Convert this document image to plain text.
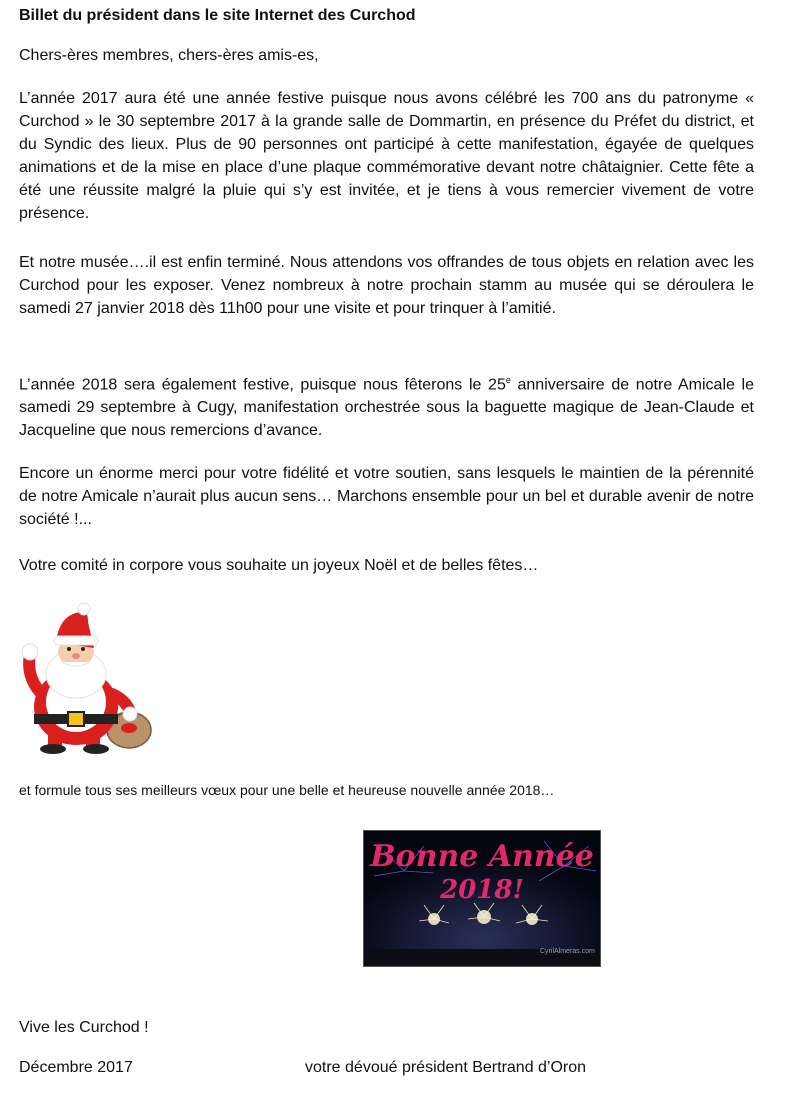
Billet du président dans le site Internet des Curchod
Chers-ères membres, chers-ères amis-es,

L’année 2017 aura été une année festive puisque nous avons célébré les 700 ans du patronyme « Curchod » le 30 septembre 2017 à la grande salle de Dommartin, en présence du Préfet du district, et du Syndic des lieux. Plus de 90 personnes ont participé à cette manifestation, égayée de quelques animations et de la mise en place d’une plaque commémorative devant notre châtaignier. Cette fête a été une réussite malgré la pluie qui s’y est invitée, et je tiens à vous remercier vivement de votre présence.

Et notre musée….il est enfin terminé. Nous attendons vos offrandes de tous objets en relation avec les Curchod pour les exposer. Venez nombreux à notre prochain stamm au musée qui se déroulera le samedi 27 janvier 2018 dès 11h00 pour une visite et pour trinquer à l’amitié.

L’année 2018 sera également festive, puisque nous fêterons le 25e anniversaire de notre Amicale le samedi 29 septembre à Cugy, manifestation orchestrée sous la baguette magique de Jean-Claude et Jacqueline que nous remercions d’avance.

Encore un énorme merci pour votre fidélité et votre soutien, sans lesquels le maintien de la pérennité de notre Amicale n’aurait plus aucun sens… Marchons ensemble pour un bel et durable avenir de notre société !...

Votre comité in corpore vous souhaite un joyeux Noël et de belles fêtes…
et formule tous ses meilleurs vœux pour une belle et heureuse nouvelle année 2018…
Bonne Année
2018!
CyrilAlmeras.com
Vive les Curchod !
Décembre 2017	votre dévoué président Bertrand d’Oron
